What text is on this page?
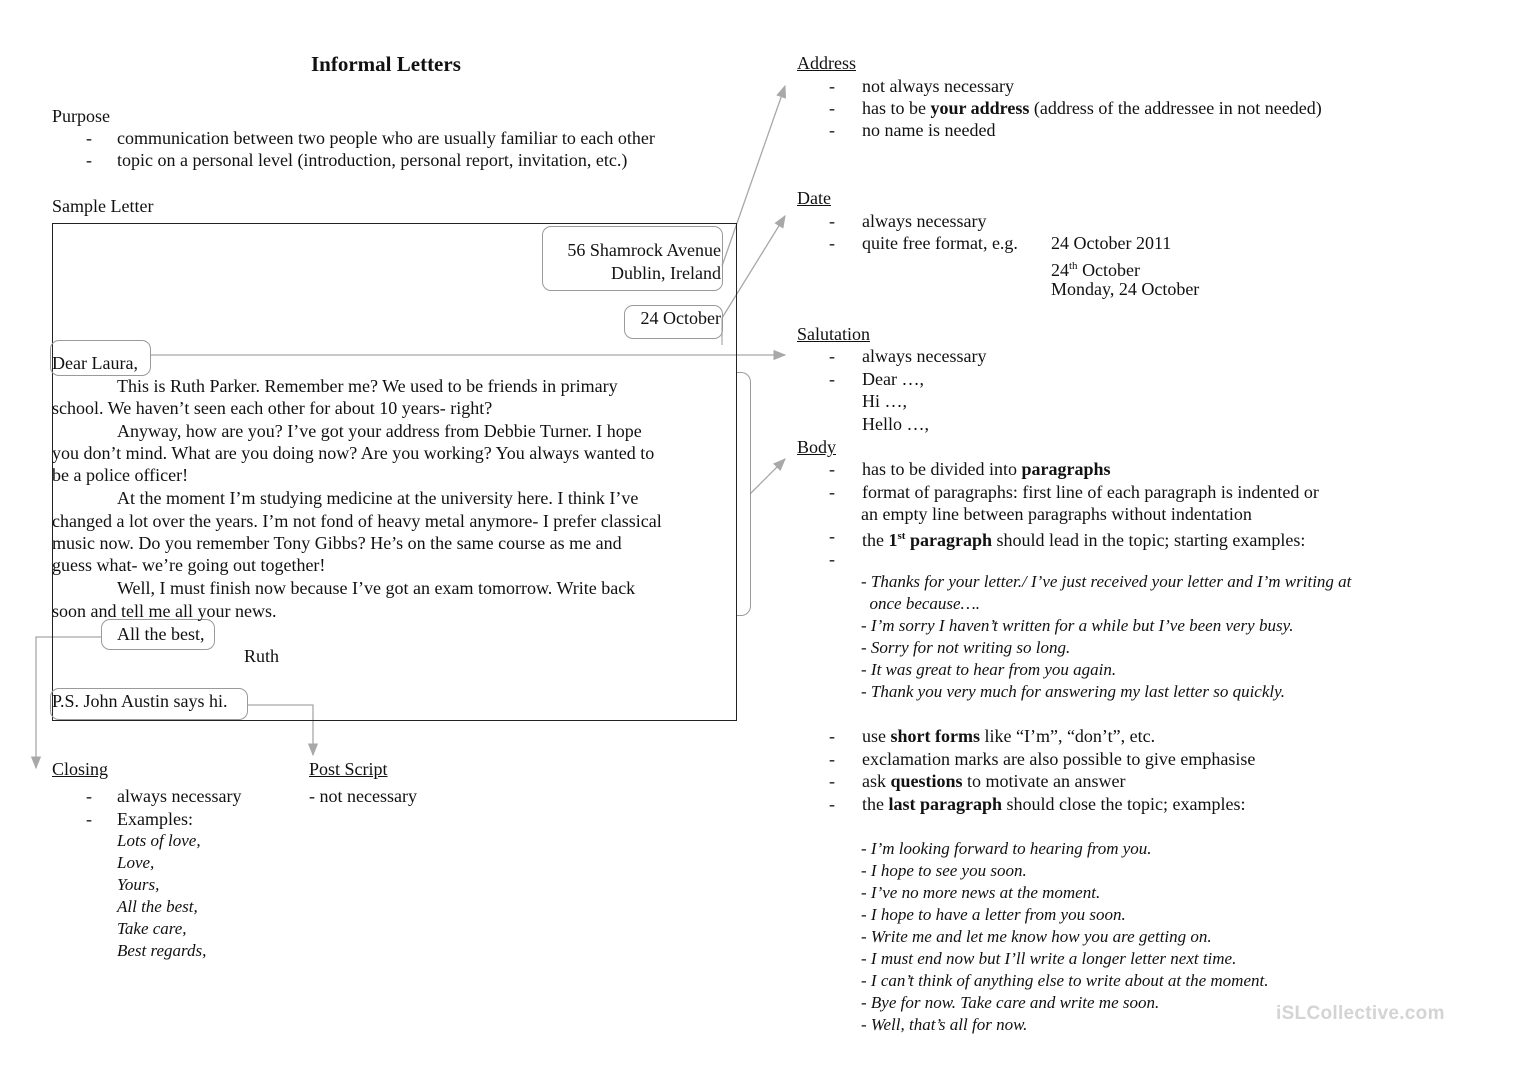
Informal Letters
Purpose
- communication between two people who are usually familiar to each other
- topic on a personal level (introduction, personal report, invitation, etc.)
Sample Letter
56 Shamrock Avenue
Dublin, Ireland
24 October
Dear Laura,
This is Ruth Parker. Remember me? We used to be friends in primary
school. We haven’t seen each other for about 10 years- right?
Anyway, how are you? I’ve got your address from Debbie Turner. I hope
you don’t mind. What are you doing now? Are you working? You always wanted to
be a police officer!
At the moment I’m studying medicine at the university here. I think I’ve
changed a lot over the years. I’m not fond of heavy metal anymore- I prefer classical
music now. Do you remember Tony Gibbs? He’s on the same course as me and
guess what- we’re going out together!
Well, I must finish now because I’ve got an exam tomorrow. Write back
soon and tell me all your news.
All the best,
Ruth
P.S. John Austin says hi.
Closing
- always necessary
- Examples:
Lots of love,
Love,
Yours,
All the best,
Take care,
Best regards,
Post Script
- not necessary
Address
- not always necessary
- has to be your address (address of the addressee in not needed)
- no name is needed
Date
- always necessary
- quite free format, e.g. 24 October 2011
24th October
Monday, 24 October
Salutation
- always necessary
- Dear …,
Hi …,
Hello …,
Body
- has to be divided into paragraphs
- format of paragraphs: first line of each paragraph is indented or
an empty line between paragraphs without indentation
- the 1st paragraph should lead in the topic; starting examples:
-
- Thanks for your letter./ I’ve just received your letter and I’m writing at
once because….
- I’m sorry I haven’t written for a while but I’ve been very busy.
- Sorry for not writing so long.
- It was great to hear from you again.
- Thank you very much for answering my last letter so quickly.
- use short forms like “I’m”, “don’t”, etc.
- exclamation marks are also possible to give emphasise
- ask questions to motivate an answer
- the last paragraph should close the topic; examples:
- I’m looking forward to hearing from you.
- I hope to see you soon.
- I’ve no more news at the moment.
- I hope to have a letter from you soon.
- Write me and let me know how you are getting on.
- I must end now but I’ll write a longer letter next time.
- I can’t think of anything else to write about at the moment.
- Bye for now. Take care and write me soon.
- Well, that’s all for now.
iSLCollective.com
